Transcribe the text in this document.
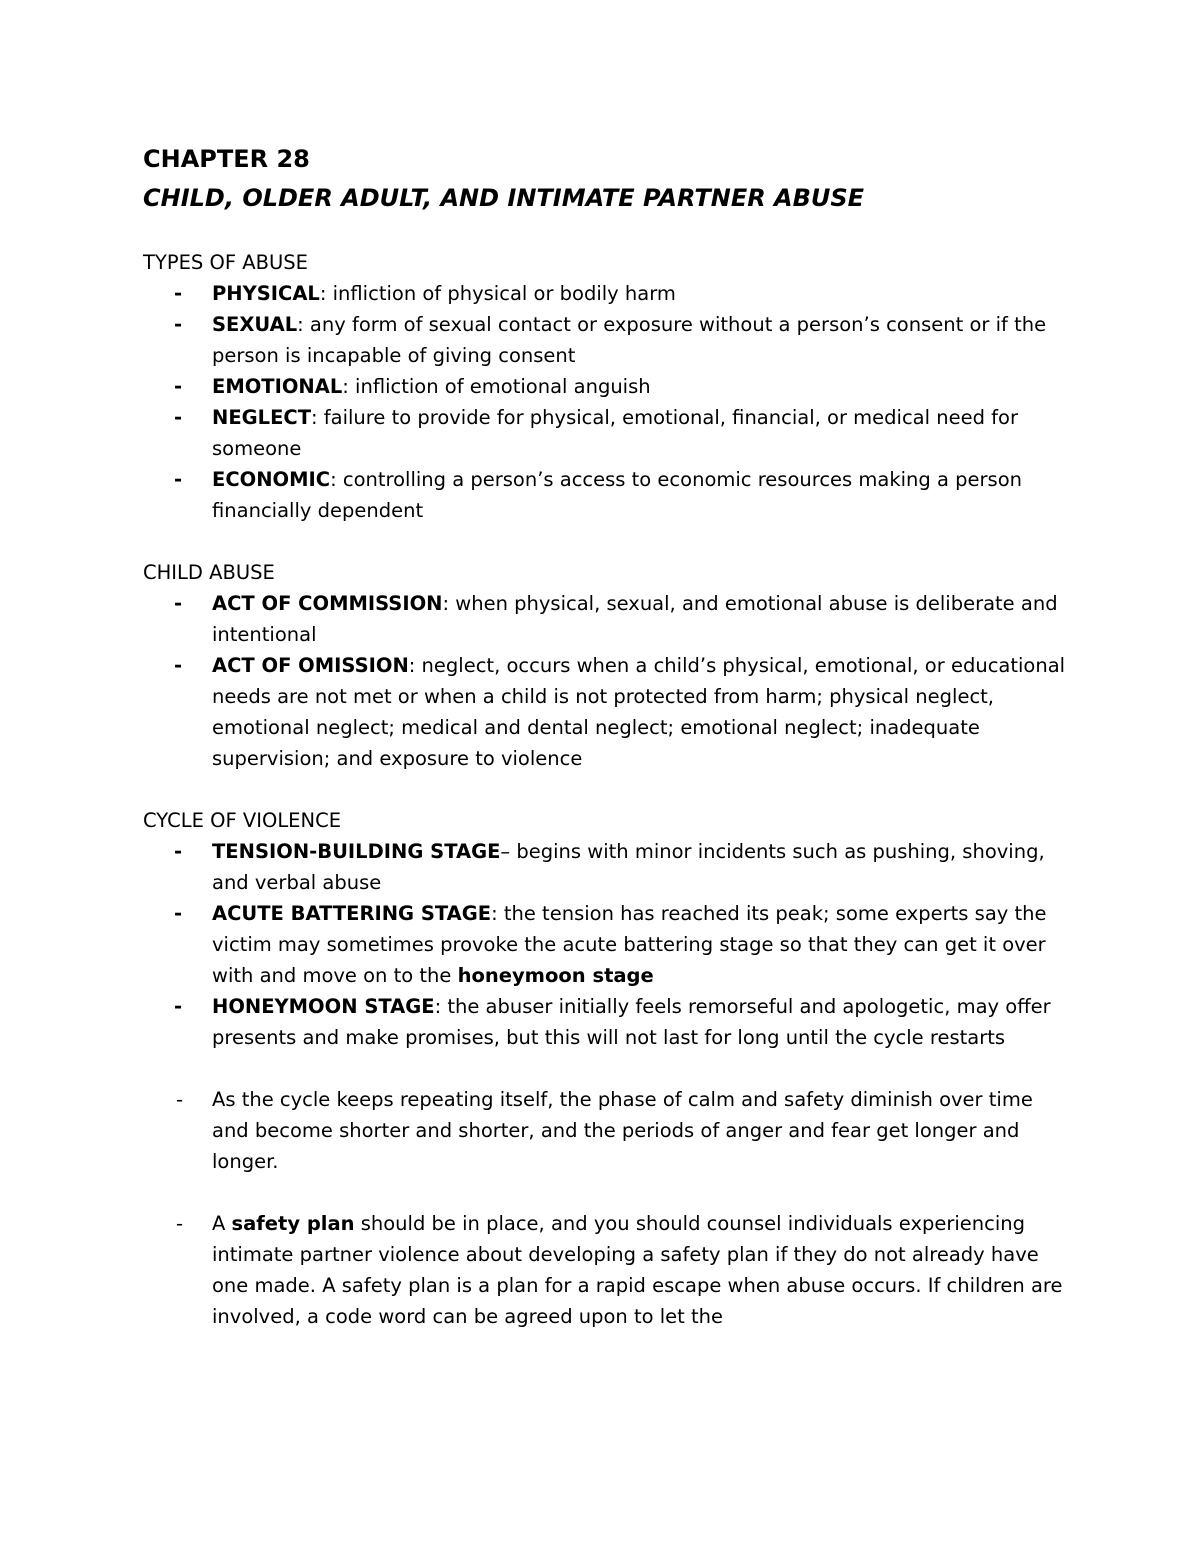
CHAPTER 28
CHILD, OLDER ADULT, AND INTIMATE PARTNER ABUSE
TYPES OF ABUSE
- PHYSICAL: infliction of physical or bodily harm
- SEXUAL: any form of sexual contact or exposure without a person’s consent or if the person is incapable of giving consent
- EMOTIONAL: infliction of emotional anguish
- NEGLECT: failure to provide for physical, emotional, financial, or medical need for someone
- ECONOMIC: controlling a person’s access to economic resources making a person financially dependent
CHILD ABUSE
- ACT OF COMMISSION: when physical, sexual, and emotional abuse is deliberate and intentional
- ACT OF OMISSION: neglect, occurs when a child’s physical, emotional, or educational needs are not met or when a child is not protected from harm; physical neglect, emotional neglect; medical and dental neglect; emotional neglect; inadequate supervision; and exposure to violence
CYCLE OF VIOLENCE
- TENSION-BUILDING STAGE– begins with minor incidents such as pushing, shoving, and verbal abuse
- ACUTE BATTERING STAGE: the tension has reached its peak; some experts say the victim may sometimes provoke the acute battering stage so that they can get it over with and move on to the honeymoon stage
- HONEYMOON STAGE: the abuser initially feels remorseful and apologetic, may offer presents and make promises, but this will not last for long until the cycle restarts
- As the cycle keeps repeating itself, the phase of calm and safety diminish over time and become shorter and shorter, and the periods of anger and fear get longer and longer.
- A safety plan should be in place, and you should counsel individuals experiencing intimate partner violence about developing a safety plan if they do not already have one made. A safety plan is a plan for a rapid escape when abuse occurs. If children are involved, a code word can be agreed upon to let the
